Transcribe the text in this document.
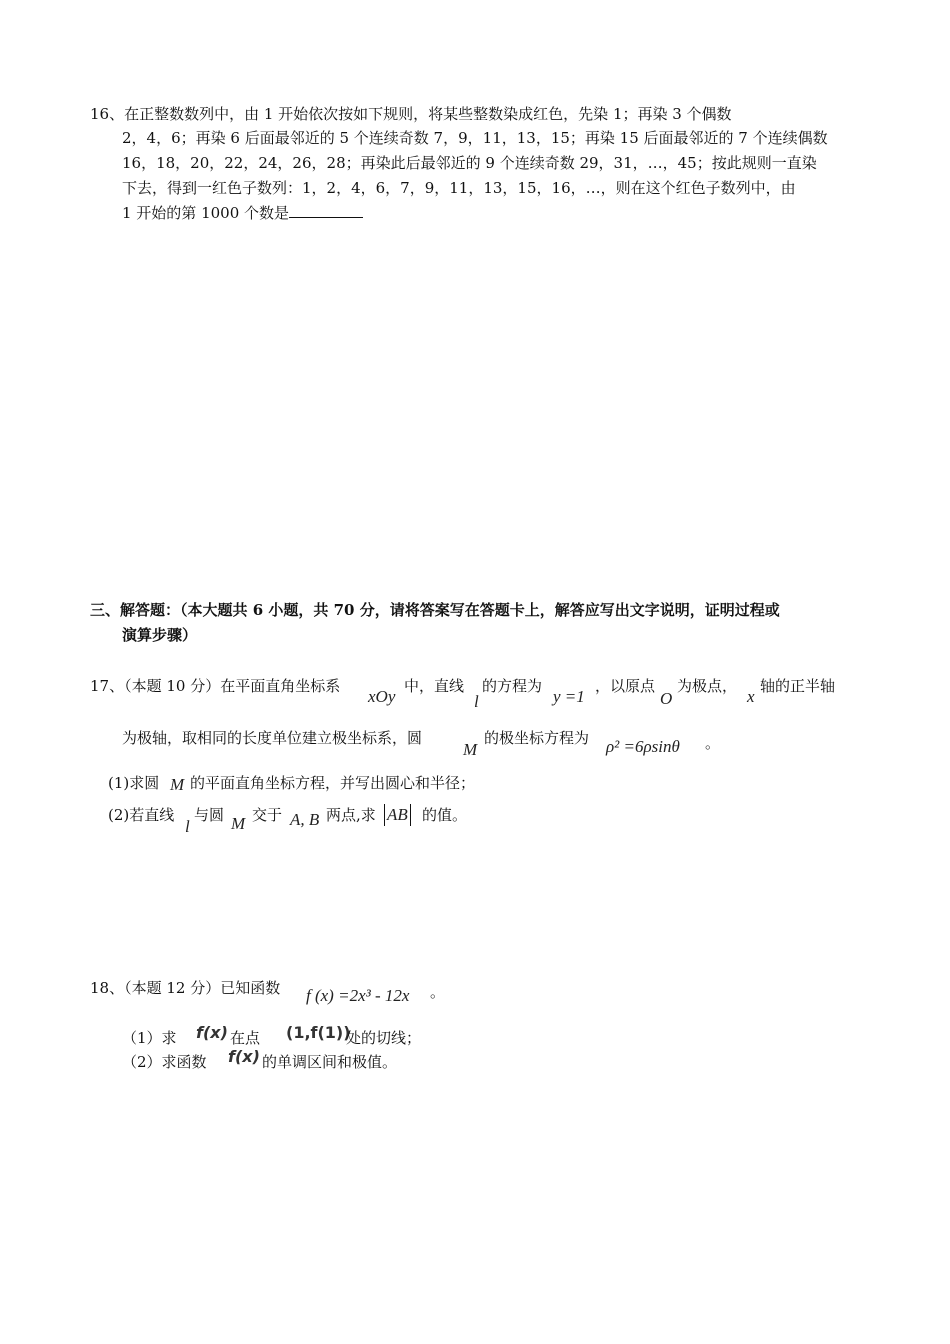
16、在正整数数列中，由 1 开始依次按如下规则，将某些整数染成红色，先染 1；再染 3 个偶数
2，4，6；再染 6 后面最邻近的 5 个连续奇数 7，9，11，13，15；再染 15 后面最邻近的 7 个连续偶数
16，18，20，22，24，26，28；再染此后最邻近的 9 个连续奇数 29，31，…，45；按此规则一直染
下去，得到一红色子数列：1，2，4，6，7，9，11，13，15，16，…，则在这个红色子数列中，由
1 开始的第 1000 个数是
三、解答题：（本大题共 6 小题，共 70 分，请将答案写在答题卡上，解答应写出文字说明，证明过程或
演算步骤）
17、（本题 10 分）在平面直角坐标系
xOy
中，直线
l
的方程为
y =1
，以原点
O
为极点，
x
轴的正半轴
为极轴，取相同的长度单位建立极坐标系，圆
M
的极坐标方程为 ρ² =6ρsinθ 。
(1)求圆 M 的平面直角坐标方程，并写出圆心和半径；
(2)若直线
l
与圆 M 交于 A, B 两点,求 AB 的值。
18、（本题 12 分）已知函数 f (x) =2x³ - 12x 。
（1）求 f(x) 在点 (1,f(1))
处的切线；
（2）求函数 f(x) 的单调区间和极值。
